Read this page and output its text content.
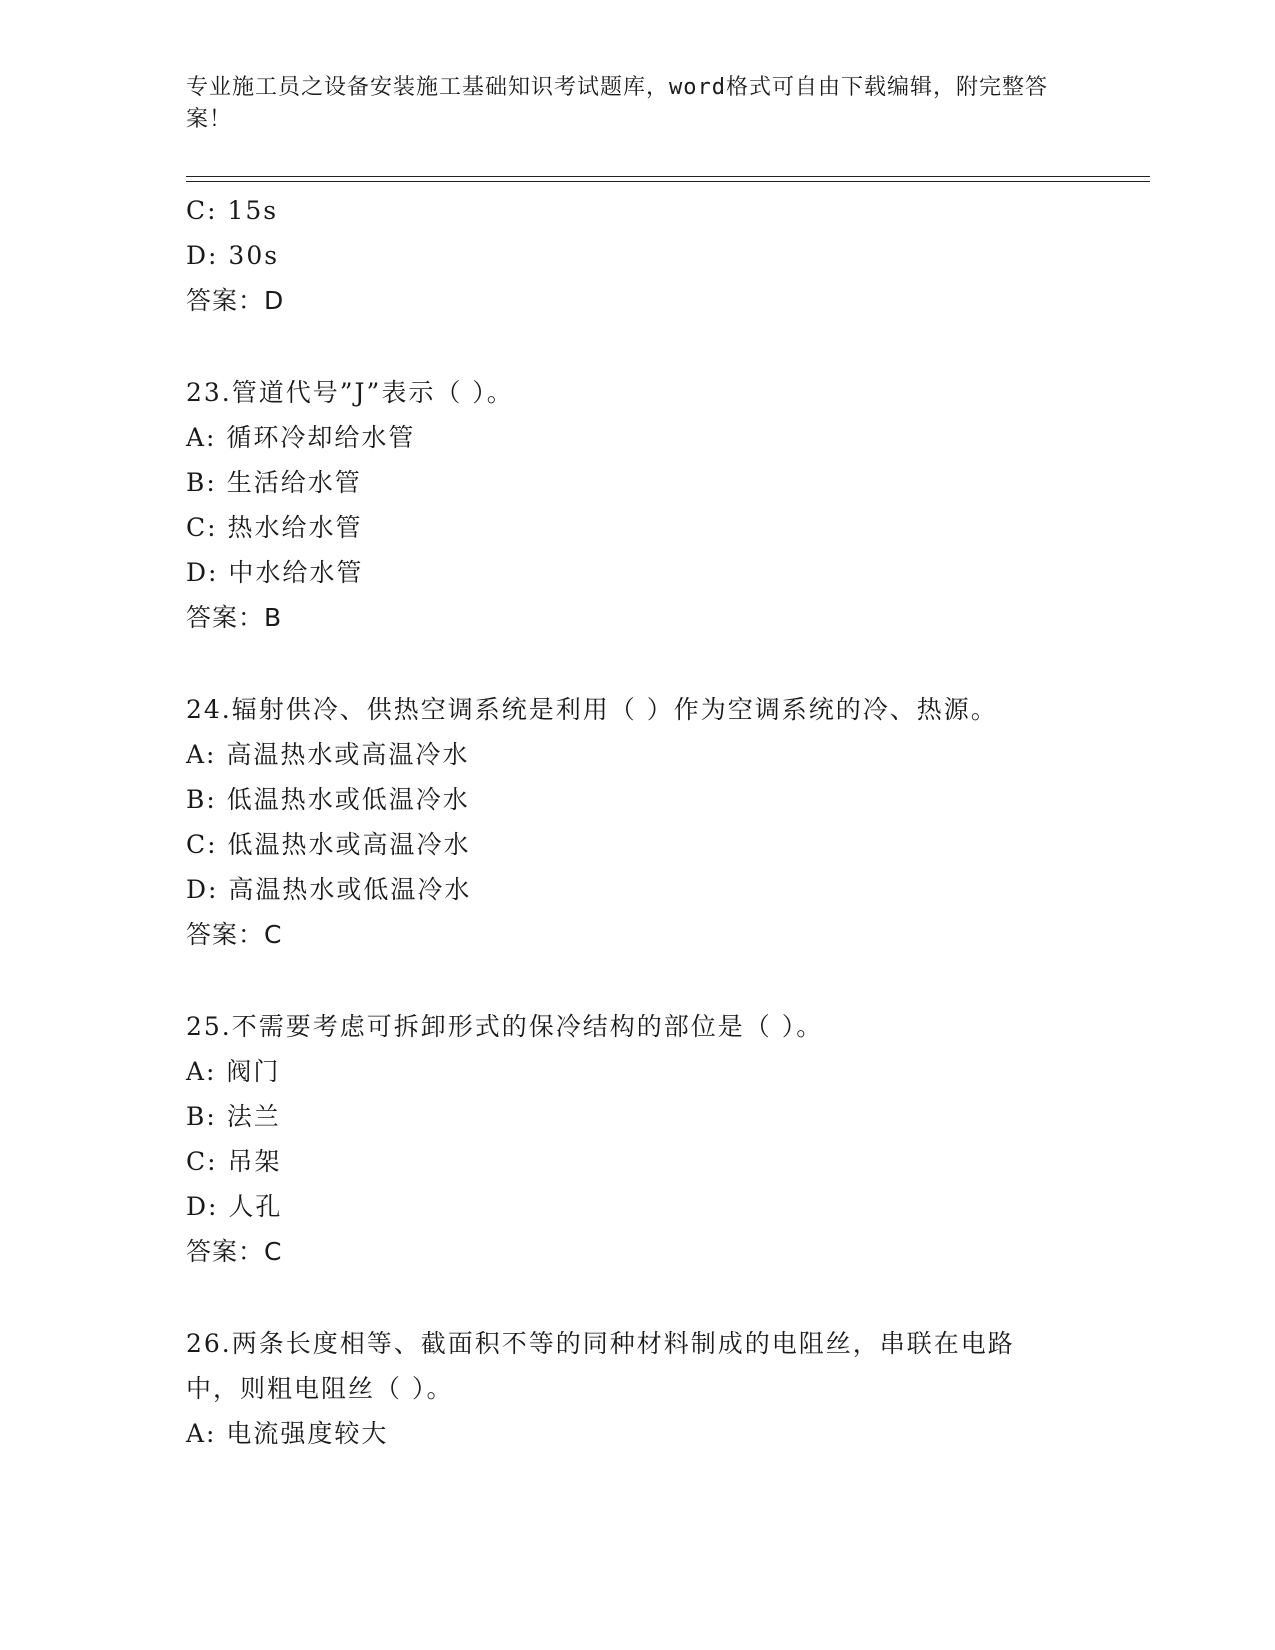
专业施工员之设备安装施工基础知识考试题库，word格式可自由下载编辑，附完整答案！
C: 15s
D: 30s
答案：D
23.管道代号”J”表示（ ）。
A: 循环冷却给水管
B: 生活给水管
C: 热水给水管
D: 中水给水管
答案：B
24.辐射供冷、供热空调系统是利用（ ）作为空调系统的冷、热源。
A: 高温热水或高温冷水
B: 低温热水或低温冷水
C: 低温热水或高温冷水
D: 高温热水或低温冷水
答案：C
25.不需要考虑可拆卸形式的保冷结构的部位是（ ）。
A: 阀门
B: 法兰
C: 吊架
D: 人孔
答案：C
26.两条长度相等、截面积不等的同种材料制成的电阻丝，串联在电路
中，则粗电阻丝（ ）。
A: 电流强度较大
